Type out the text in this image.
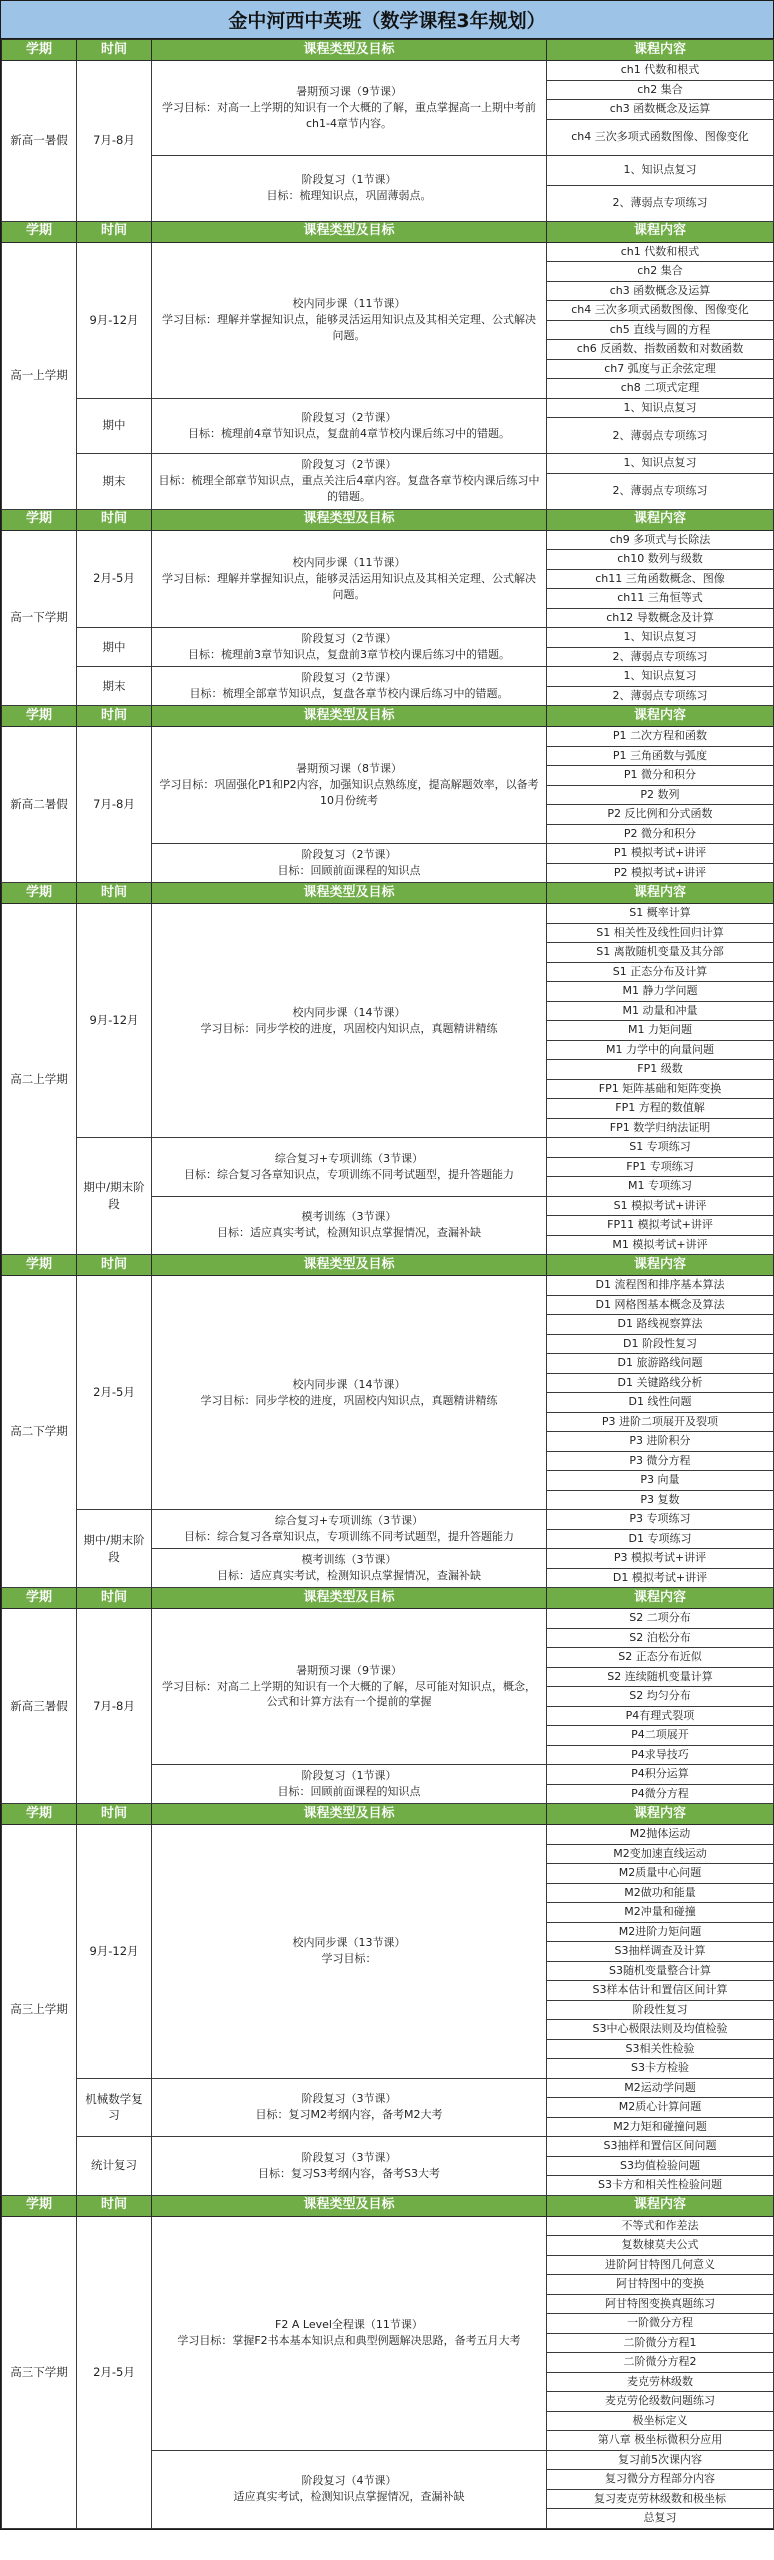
金中河西中英班（数学课程3年规划）
学期	时间	课程类型及目标	课程内容
新高一暑假	7月-8月	暑期预习课（9节课）
学习目标：对高一上学期的知识有一个大概的了解，重点掌握高一上期中考前ch1-4章节内容。	ch1 代数和根式
			ch2 集合
			ch3 函数概念及运算
			ch4 三次多项式函数图像、图像变化

		阶段复习（1节课）
目标：梳理知识点，巩固薄弱点。	1、知识点复习
			2、薄弱点专项练习
学期	时间	课程类型及目标	课程内容
高一上学期	9月-12月	校内同步课（11节课）
学习目标：理解并掌握知识点，能够灵活运用知识点及其相关定理、公式解决问题。	ch1 代数和根式
			ch2 集合
			ch3 函数概念及运算
			ch4 三次多项式函数图像、图像变化
			ch5 直线与圆的方程
			ch6 反函数、指数函数和对数函数
			ch7 弧度与正余弦定理
			ch8 二项式定理
	期中	阶段复习（2节课）
目标：梳理前4章节知识点，复盘前4章节校内课后练习中的错题。	1、知识点复习
			2、薄弱点专项练习
	期末	阶段复习（2节课）
目标：梳理全部章节知识点，重点关注后4章内容。复盘各章节校内课后练习中的错题。	1、知识点复习
			2、薄弱点专项练习
学期	时间	课程类型及目标	课程内容
高一下学期	2月-5月	校内同步课（11节课）
学习目标：理解并掌握知识点，能够灵活运用知识点及其相关定理、公式解决问题。	ch9 多项式与长除法
			ch10 数列与级数
			ch11 三角函数概念、图像
			ch11 三角恒等式
			ch12 导数概念及计算
	期中	阶段复习（2节课）
目标：梳理前3章节知识点，复盘前3章节校内课后练习中的错题。	1、知识点复习
			2、薄弱点专项练习
	期末	阶段复习（2节课）
目标：梳理全部章节知识点，复盘各章节校内课后练习中的错题。	1、知识点复习
			2、薄弱点专项练习
学期	时间	课程类型及目标	课程内容
新高二暑假	7月-8月	暑期预习课（8节课）
学习目标：巩固强化P1和P2内容，加强知识点熟练度，提高解题效率，以备考10月份统考	P1 二次方程和函数
			P1 三角函数与弧度
			P1 微分和积分
			P2 数列
			P2 反比例和分式函数
			P2 微分和积分

		阶段复习（2节课）
目标：回顾前面课程的知识点	P1 模拟考试+讲评
			P2 模拟考试+讲评
学期	时间	课程类型及目标	课程内容
高二上学期	9月-12月	校内同步课（14节课）
学习目标：同步学校的进度，巩固校内知识点，真题精讲精练	S1 概率计算
			S1 相关性及线性回归计算
			S1 离散随机变量及其分部
			S1 正态分布及计算
			M1 静力学问题
			M1 动量和冲量
			M1 力矩问题
			M1 力学中的向量问题
			FP1 级数
			FP1 矩阵基础和矩阵变换
			FP1 方程的数值解
			FP1 数学归纳法证明
	期中/期末阶段	综合复习+专项训练（3节课）
目标：综合复习各章知识点，专项训练不同考试题型，提升答题能力	S1 专项练习
			FP1 专项练习
			M1 专项练习

		模考训练（3节课）
目标：适应真实考试，检测知识点掌握情况，查漏补缺	S1 模拟考试+讲评
			FP11 模拟考试+讲评
			M1 模拟考试+讲评
学期	时间	课程类型及目标	课程内容
高二下学期	2月-5月	校内同步课（14节课）
学习目标：同步学校的进度，巩固校内知识点，真题精讲精练	D1 流程图和排序基本算法
			D1 网格图基本概念及算法
			D1 路线视察算法
			D1 阶段性复习
			D1 旅游路线问题
			D1 关键路线分析
			D1 线性问题
			P3 进阶二项展开及裂项
			P3 进阶积分
			P3 微分方程
			P3 向量
			P3 复数
	期中/期末阶段	综合复习+专项训练（3节课）
目标：综合复习各章知识点，专项训练不同考试题型，提升答题能力	P3 专项练习
			D1 专项练习

		模考训练（3节课）
目标：适应真实考试，检测知识点掌握情况，查漏补缺	P3 模拟考试+讲评
			D1 模拟考试+讲评
学期	时间	课程类型及目标	课程内容
新高三暑假	7月-8月	暑期预习课（9节课）
学习目标：对高二上学期的知识有一个大概的了解，尽可能对知识点，概念，公式和计算方法有一个提前的掌握	S2 二项分布
			S2 泊松分布
			S2 正态分布近似
			S2 连续随机变量计算
			S2 均匀分布
			P4有理式裂项
			P4二项展开
			P4求导技巧

		阶段复习（1节课）
目标：回顾前面课程的知识点	P4积分运算
			P4微分方程
学期	时间	课程类型及目标	课程内容
高三上学期	9月-12月	校内同步课（13节课）
学习目标：	M2抛体运动
			M2变加速直线运动
			M2质量中心问题
			M2做功和能量
			M2冲量和碰撞
			M2进阶力矩问题
			S3抽样调查及计算
			S3随机变量整合计算
			S3样本估计和置信区间计算
			阶段性复习
			S3中心极限法则及均值检验
			S3相关性检验
			S3卡方检验
	机械数学复习	阶段复习（3节课）
目标：复习M2考纲内容，备考M2大考	M2运动学问题
			M2质心计算问题
			M2力矩和碰撞问题
	统计复习	阶段复习（3节课）
目标：复习S3考纲内容，备考S3大考	S3抽样和置信区间问题
			S3均值检验问题
			S3卡方和相关性检验问题
学期	时间	课程类型及目标	课程内容
高三下学期	2月-5月	F2 A Level全程课（11节课）
学习目标：掌握F2书本基本知识点和典型例题解决思路，备考五月大考	不等式和作差法
			复数棣莫夫公式
			进阶阿甘特图几何意义
			阿甘特图中的变换
			阿甘特图变换真题练习
			一阶微分方程
			二阶微分方程1
			二阶微分方程2
			麦克劳林级数
			麦克劳伦级数问题练习
			极坐标定义
			第八章 极坐标微积分应用

		阶段复习（4节课）
适应真实考试，检测知识点掌握情况，查漏补缺	复习前5次课内容
			复习微分方程部分内容
			复习麦克劳林级数和极坐标
			总复习
